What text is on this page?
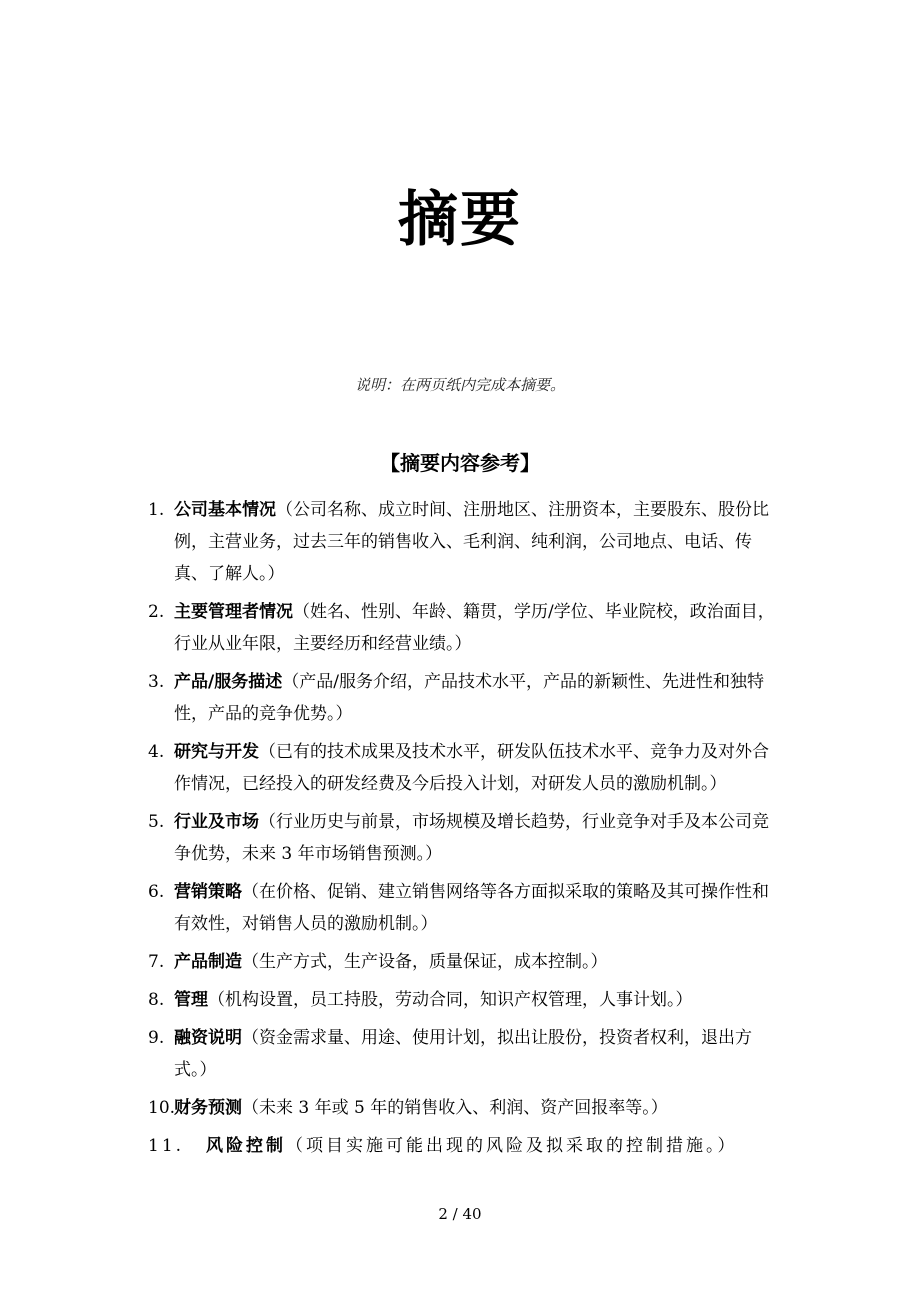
摘要
说明：在两页纸内完成本摘要。
【摘要内容参考】
1. 公司基本情况（公司名称、成立时间、注册地区、注册资本，主要股东、股份比例，主营业务，过去三年的销售收入、毛利润、纯利润，公司地点、电话、传真、了解人。）
2. 主要管理者情况（姓名、性别、年龄、籍贯，学历/学位、毕业院校，政治面目，行业从业年限，主要经历和经营业绩。）
3. 产品/服务描述（产品/服务介绍，产品技术水平，产品的新颖性、先进性和独特性，产品的竞争优势。）
4. 研究与开发（已有的技术成果及技术水平，研发队伍技术水平、竞争力及对外合作情况，已经投入的研发经费及今后投入计划，对研发人员的激励机制。）
5. 行业及市场（行业历史与前景，市场规模及增长趋势，行业竞争对手及本公司竞争优势，未来 3 年市场销售预测。）
6. 营销策略（在价格、促销、建立销售网络等各方面拟采取的策略及其可操作性和有效性，对销售人员的激励机制。）
7. 产品制造（生产方式，生产设备，质量保证，成本控制。）
8. 管理（机构设置，员工持股，劳动合同，知识产权管理，人事计划。）
9. 融资说明（资金需求量、用途、使用计划，拟出让股份，投资者权利，退出方式。）
10.
财务预测（未来 3 年或 5 年的销售收入、利润、资产回报率等。）
11. 风险控制（项目实施可能出现的风险及拟采取的控制措施。）
2 / 40
